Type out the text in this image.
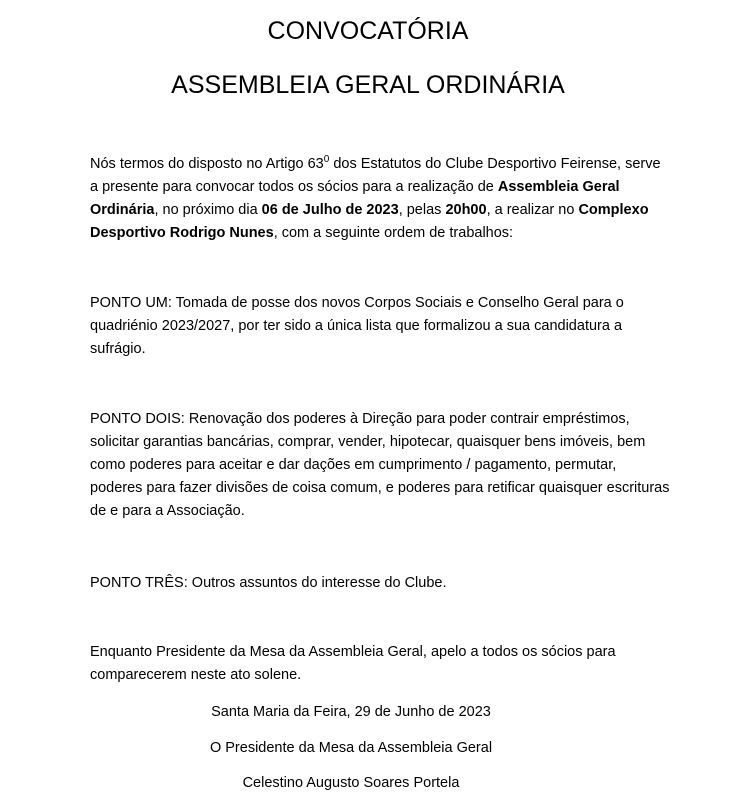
CONVOCATÓRIA
ASSEMBLEIA GERAL ORDINÁRIA

Nós termos do disposto no Artigo $63^0$ dos Estatutos do Clube Desportivo Feirense, serve a presente para convocar todos os sócios para a realização de Assembleia Geral Ordinária, no próximo dia 06 de Julho de 2023, pelas 20h00, a realizar no Complexo Desportivo Rodrigo Nunes, com a seguinte ordem de trabalhos:

PONTO UM: Tomada de posse dos novos Corpos Sociais e Conselho Geral para o quadriénio 2023/2027, por ter sido a única lista que formalizou a sua candidatura a sufrágio.

PONTO DOIS: Renovação dos poderes à Direção para poder contrair empréstimos, solicitar garantias bancárias, comprar, vender, hipotecar, quaisquer bens imóveis, bem como poderes para aceitar e dar dações em cumprimento / pagamento, permutar, poderes para fazer divisões de coisa comum, e poderes para retificar quaisquer escrituras de e para a Associação.

PONTO TRÊS: Outros assuntos do interesse do Clube.

Enquanto Presidente da Mesa da Assembleia Geral, apelo a todos os sócios para comparecerem neste ato solene.

Santa Maria da Feira, 29 de Junho de 2023

O Presidente da Mesa da Assembleia Geral

Celestino Augusto Soares Portela
